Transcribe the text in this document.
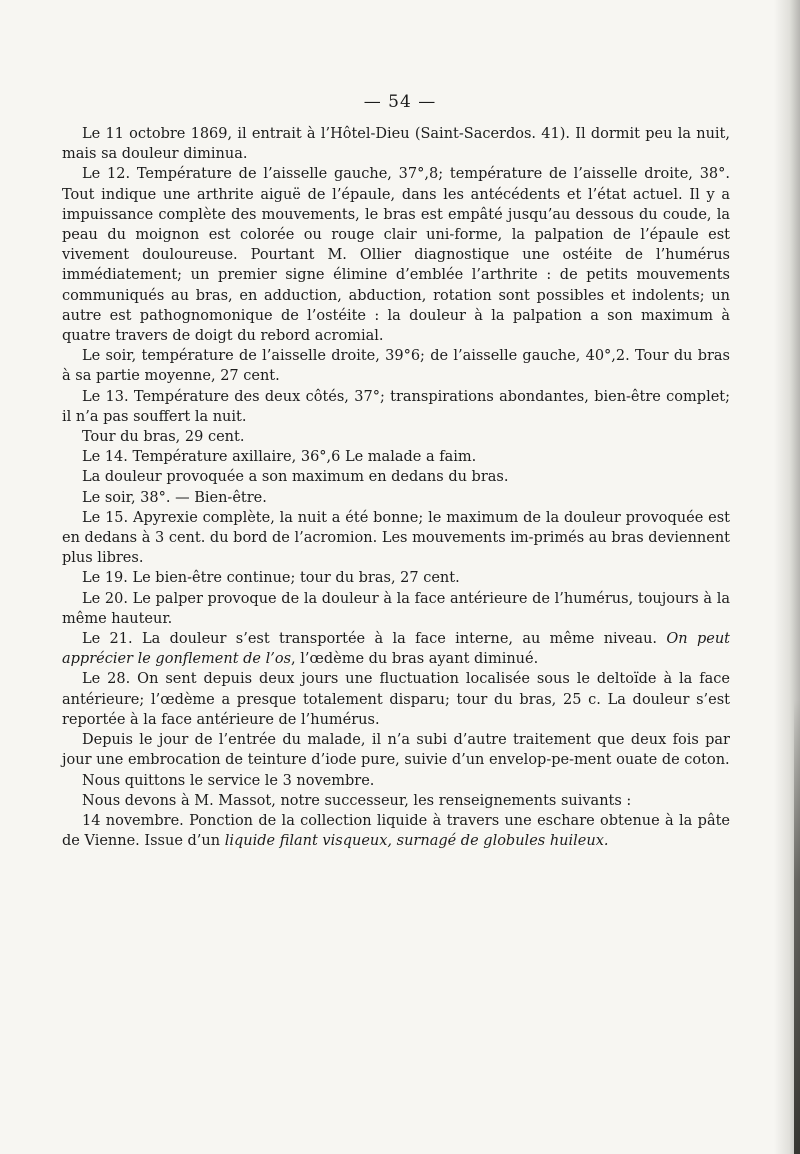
— 54 —

Le 11 octobre 1869, il entrait à l’Hôtel-Dieu (Saint-Sacerdos. 41). Il dormit peu la nuit, mais sa douleur diminua.

Le 12. Température de l’aisselle gauche, 37°,8; température de l’aisselle droite, 38°. Tout indique une arthrite aiguë de l’épaule, dans les antécédents et l’état actuel. Il y a impuissance complète des mouvements, le bras est empâté jusqu’au dessous du coude, la peau du moignon est colorée ou rouge clair uni-forme, la palpation de l’épaule est vivement douloureuse. Pourtant M. Ollier diagnostique une ostéite de l’humérus immédiatement; un premier signe élimine d’emblée l’arthrite : de petits mouvements communiqués au bras, en adduction, abduction, rotation sont possibles et indolents; un autre est pathognomonique de l’ostéite : la douleur à la palpation a son maximum à quatre travers de doigt du rebord acromial.

Le soir, température de l’aisselle droite, 39°6; de l’aisselle gauche, 40°,2. Tour du bras à sa partie moyenne, 27 cent.

Le 13. Température des deux côtés, 37°; transpirations abondantes, bien-être complet; il n’a pas souffert la nuit.

Tour du bras, 29 cent.

Le 14. Température axillaire, 36°,6 Le malade a faim.

La douleur provoquée a son maximum en dedans du bras.

Le soir, 38°. — Bien-être.

Le 15. Apyrexie complète, la nuit a été bonne; le maximum de la douleur provoquée est en dedans à 3 cent. du bord de l’acromion. Les mouvements im-primés au bras deviennent plus libres.

Le 19. Le bien-être continue; tour du bras, 27 cent.

Le 20. Le palper provoque de la douleur à la face antérieure de l’humérus, toujours à la même hauteur.

Le 21. La douleur s’est transportée à la face interne, au même niveau. On peut apprécier le gonflement de l’os, l’œdème du bras ayant diminué.

Le 28. On sent depuis deux jours une fluctuation localisée sous le deltoïde à la face antérieure; l’œdème a presque totalement disparu; tour du bras, 25 c. La douleur s’est reportée à la face antérieure de l’humérus.

Depuis le jour de l’entrée du malade, il n’a subi d’autre traitement que deux fois par jour une embrocation de teinture d’iode pure, suivie d’un envelop-pe-ment ouate de coton.

Nous quittons le service le 3 novembre.

Nous devons à M. Massot, notre successeur, les renseignements suivants :

14 novembre. Ponction de la collection liquide à travers une eschare obtenue à la pâte de Vienne. Issue d’un liquide filant visqueux, surnagé de globules huileux.
